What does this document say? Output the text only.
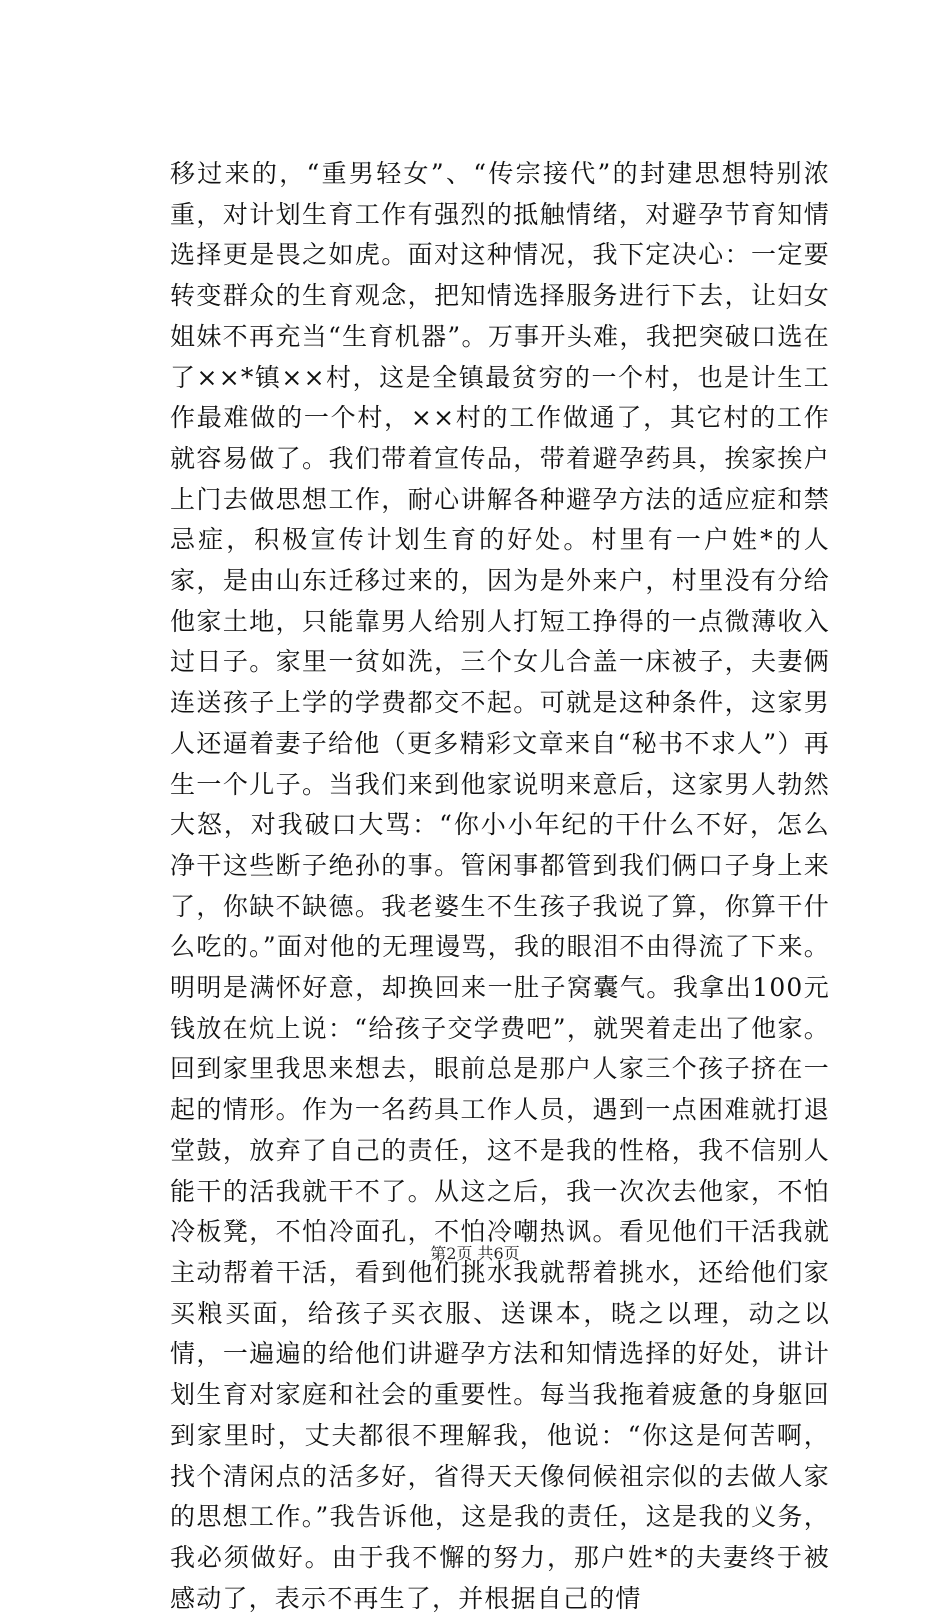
移过来的，“重男轻女”、“传宗接代”的封建思想特别浓重，对计划生育工作有强烈的抵触情绪，对避孕节育知情选择更是畏之如虎。面对这种情况，我下定决心：一定要转变群众的生育观念，把知情选择服务进行下去，让妇女姐妹不再充当“生育机器”。万事开头难，我把突破口选在了××*镇××村，这是全镇最贫穷的一个村，也是计生工作最难做的一个村，××村的工作做通了，其它村的工作就容易做了。我们带着宣传品，带着避孕药具，挨家挨户上门去做思想工作，耐心讲解各种避孕方法的适应症和禁忌症，积极宣传计划生育的好处。村里有一户姓*的人家，是由山东迁移过来的，因为是外来户，村里没有分给他家土地，只能靠男人给别人打短工挣得的一点微薄收入过日子。家里一贫如洗，三个女儿合盖一床被子，夫妻俩连送孩子上学的学费都交不起。可就是这种条件，这家男人还逼着妻子给他（更多精彩文章来自“秘书不求人”）再生一个儿子。当我们来到他家说明来意后，这家男人勃然大怒，对我破口大骂：“你小小年纪的干什么不好，怎么净干这些断子绝孙的事。管闲事都管到我们俩口子身上来了，你缺不缺德。我老婆生不生孩子我说了算，你算干什么吃的。”面对他的无理谩骂，我的眼泪不由得流了下来。明明是满怀好意，却换回来一肚子窝囊气。我拿出100元钱放在炕上说：“给孩子交学费吧”，就哭着走出了他家。回到家里我思来想去，眼前总是那户人家三个孩子挤在一起的情形。作为一名药具工作人员，遇到一点困难就打退堂鼓，放弃了自己的责任，这不是我的性格，我不信别人能干的活我就干不了。从这之后，我一次次去他家，不怕冷板凳，不怕冷面孔，不怕冷嘲热讽。看见他们干活我就主动帮着干活，看到他们挑水我就帮着挑水，还给他们家买粮买面，给孩子买衣服、送课本，晓之以理，动之以情，一遍遍的给他们讲避孕方法和知情选择的好处，讲计划生育对家庭和社会的重要性。每当我拖着疲惫的身躯回到家里时，丈夫都很不理解我，他说：“你这是何苦啊，找个清闲点的活多好，省得天天像伺候祖宗似的去做人家的思想工作。”我告诉他，这是我的责任，这是我的义务，我必须做好。由于我不懈的努力，那户姓*的夫妻终于被感动了，表示不再生了，并根据自己的情

第2页 共6页
